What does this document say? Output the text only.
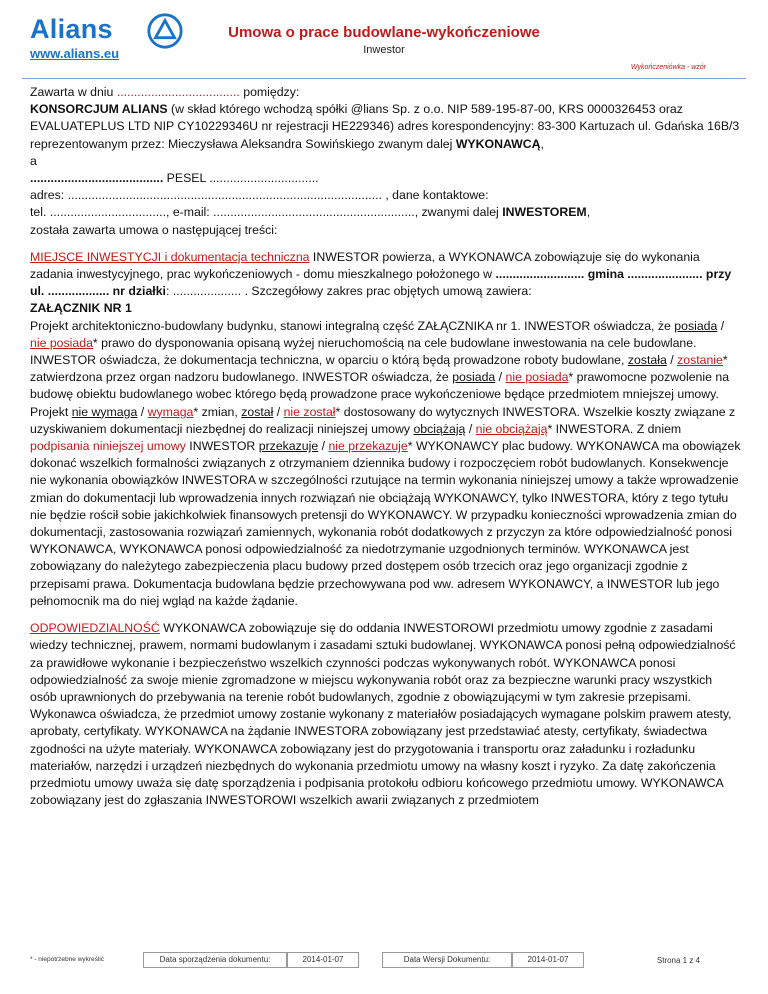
Alians
www.alians.eu
Umowa o prace budowlane-wykończeniowe
Inwestor
Wykończeniówka - wzór

Zawarta w dniu .................................... pomiędzy:
KONSORCJUM ALIANS (w skład którego wchodzą spółki @lians Sp. z o.o. NIP 589-195-87-00, KRS 0000326453 oraz EVALUATEPLUS LTD NIP CY10229346U nr rejestracji HE229346) adres korespondencyjny: 83-300 Kartuzach ul. Gdańska 16B/3 reprezentowanym przez: Mieczysława Aleksandra Sowińskiego zwanym dalej WYKONAWCĄ,
a
....................................... PESEL ................................
adres: ............................................................................................ , dane kontaktowe:
tel. .................................., e-mail: ..........................................................., zwanymi dalej INWESTOREM,
została zawarta umowa o następującej treści:

MIEJSCE INWESTYCJI i dokumentacja techniczna INWESTOR powierza, a WYKONAWCA zobowiązuje się do wykonania zadania inwestycyjnego, prac wykończeniowych - domu mieszkalnego położonego w .......................... gmina ...................... przy ul. .................. nr działki: .................... . Szczegółowy zakres prac objętych umową zawiera:
ZAŁĄCZNIK NR 1
Projekt architektoniczno-budowlany budynku, stanowi integralną część ZAŁĄCZNIKA nr 1. INWESTOR oświadcza, że posiada / nie posiada* prawo do dysponowania opisaną wyżej nieruchomością na cele budowlane inwestowania na cele budowlane. INWESTOR oświadcza, że dokumentacja techniczna, w oparciu o którą będą prowadzone roboty budowlane, została / zostanie* zatwierdzona przez organ nadzoru budowlanego. INWESTOR oświadcza, że posiada / nie posiada* prawomocne pozwolenie na budowę obiektu budowlanego wobec którego będą prowadzone prace wykończeniowe będące przedmiotem mniejszej umowy. Projekt nie wymaga / wymaga* zmian, został / nie został* dostosowany do wytycznych INWESTORA. Wszelkie koszty związane z uzyskiwaniem dokumentacji niezbędnej do realizacji niniejszej umowy obciążają / nie obciążają* INWESTORA. Z dniem podpisania niniejszej umowy INWESTOR przekazuje / nie przekazuje* WYKONAWCY plac budowy. WYKONAWCA ma obowiązek dokonać wszelkich formalności związanych z otrzymaniem dziennika budowy i rozpoczęciem robót budowlanych. Konsekwencje nie wykonania obowiązków INWESTORA w szczególności rzutujące na termin wykonania niniejszej umowy a także wprowadzenie zmian do dokumentacji lub wprowadzenia innych rozwiązań nie obciążają WYKONAWCY, tylko INWESTORA, który z tego tytułu nie będzie rościł sobie jakichkolwiek finansowych pretensji do WYKONAWCY. W przypadku konieczności wprowadzenia zmian do dokumentacji, zastosowania rozwiązań zamiennych, wykonania robót dodatkowych z przyczyn za które odpowiedzialność ponosi WYKONAWCA, WYKONAWCA ponosi odpowiedzialność za niedotrzymanie uzgodnionych terminów. WYKONAWCA jest zobowiązany do należytego zabezpieczenia placu budowy przed dostępem osób trzecich oraz jego organizacji zgodnie z przepisami prawa. Dokumentacja budowlana będzie przechowywana pod ww. adresem WYKONAWCY, a INWESTOR lub jego pełnomocnik ma do niej wgląd na każde żądanie.

ODPOWIEDZIALNOŚĆ WYKONAWCA zobowiązuje się do oddania INWESTOROWI przedmiotu umowy zgodnie z zasadami wiedzy technicznej, prawem, normami budowlanym i zasadami sztuki budowlanej. WYKONAWCA ponosi pełną odpowiedzialność za prawidłowe wykonanie i bezpieczeństwo wszelkich czynności podczas wykonywanych robót. WYKONAWCA ponosi odpowiedzialność za swoje mienie zgromadzone w miejscu wykonywania robót oraz za bezpieczne warunki pracy wszystkich osób uprawnionych do przebywania na terenie robót budowlanych, zgodnie z obowiązującymi w tym zakresie przepisami. Wykonawca oświadcza, że przedmiot umowy zostanie wykonany z materiałów posiadających wymagane polskim prawem atesty, aprobaty, certyfikaty. WYKONAWCA na żądanie INWESTORA zobowiązany jest przedstawiać atesty, certyfikaty, świadectwa zgodności na użyte materiały. WYKONAWCA zobowiązany jest do przygotowania i transportu oraz załadunku i rozładunku materiałów, narzędzi i urządzeń niezbędnych do wykonania przedmiotu umowy na własny koszt i ryzyko. Za datę zakończenia przedmiotu umowy uważa się datę sporządzenia i podpisania protokołu odbioru końcowego przedmiotu umowy. WYKONAWCA zobowiązany jest do zgłaszania INWESTOROWI wszelkich awarii związanych z przedmiotem

* - niepotrzebne wykreślić	Data sporządzenia dokumentu:	2014-01-07	Data Wersji Dokumentu:	2014-01-07	Strona 1 z 4
